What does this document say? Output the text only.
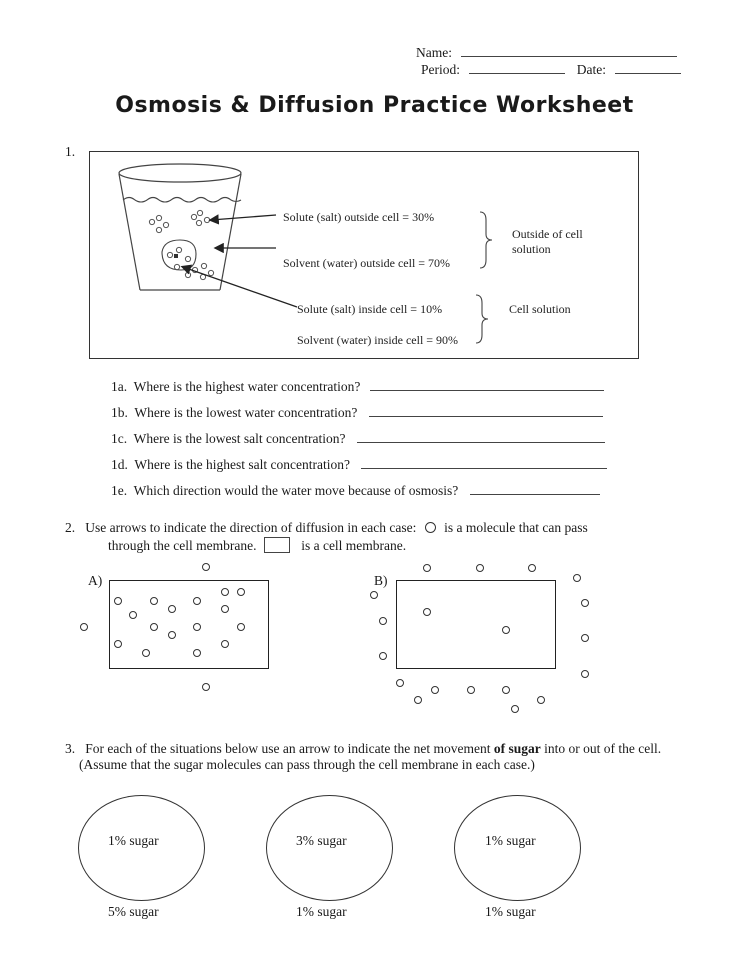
Name:
Period:	Date:
Osmosis & Diffusion Practice Worksheet
1.
Solute (salt) outside cell = 30%
Solvent (water) outside cell = 70%
Solute (salt) inside cell = 10%
Solvent (water) inside cell = 90%
Outside of cell
solution
Cell solution
1a. Where is the highest water concentration?
1b. Where is the lowest water concentration?
1c. Where is the lowest salt concentration?
1d. Where is the highest salt concentration?
1e. Which direction would the water move because of osmosis?
2. Use arrows to indicate the direction of diffusion in each case: is a molecule that can pass
through the cell membrane.	is a cell membrane.
A)	B)
3. For each of the situations below use an arrow to indicate the net movement of sugar into or out of the cell.
(Assume that the sugar molecules can pass through the cell membrane in each case.)
1% sugar
5% sugar
3% sugar
1% sugar
1% sugar
1% sugar
